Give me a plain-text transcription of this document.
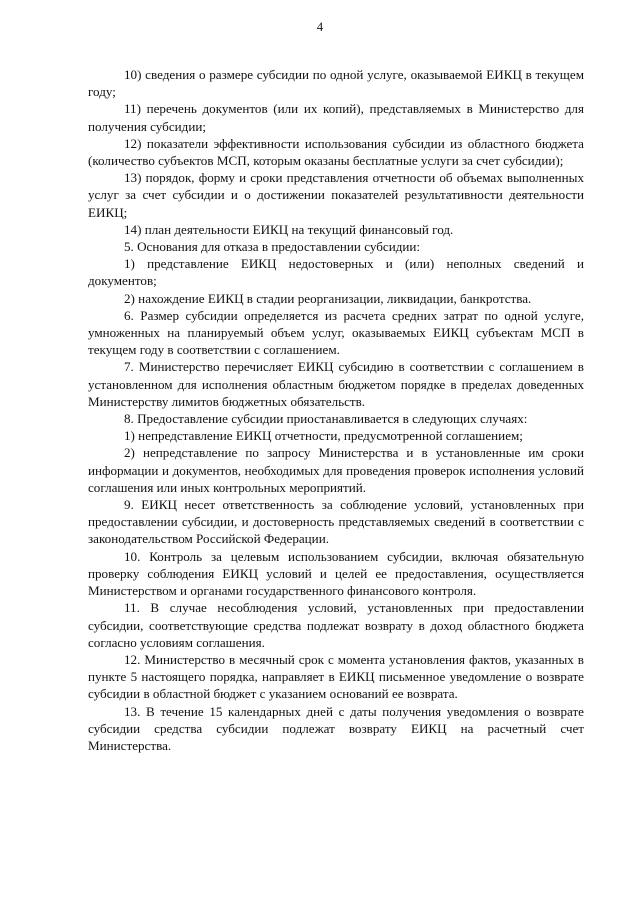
4

10) сведения о размере субсидии по одной услуге, оказываемой ЕИКЦ в текущем году;

11) перечень документов (или их копий), представляемых в Министерство для получения субсидии;

12) показатели эффективности использования субсидии из областного бюджета (количество субъектов МСП, которым оказаны бесплатные услуги за счет субсидии);

13) порядок, форму и сроки представления отчетности об объемах выполненных услуг за счет субсидии и о достижении показателей результативности деятельности ЕИКЦ;

14) план деятельности ЕИКЦ на текущий финансовый год.

5. Основания для отказа в предоставлении субсидии:

1) представление ЕИКЦ недостоверных и (или) неполных сведений и документов;

2) нахождение ЕИКЦ в стадии реорганизации, ликвидации, банкротства.

6. Размер субсидии определяется из расчета средних затрат по одной услуге, умноженных на планируемый объем услуг, оказываемых ЕИКЦ субъектам МСП в текущем году в соответствии с соглашением.

7. Министерство перечисляет ЕИКЦ субсидию в соответствии с соглашением в установленном для исполнения областным бюджетом порядке в пределах доведенных Министерству лимитов бюджетных обязательств.

8. Предоставление субсидии приостанавливается в следующих случаях:

1) непредставление ЕИКЦ отчетности, предусмотренной соглашением;

2) непредставление по запросу Министерства и в установленные им сроки информации и документов, необходимых для проведения проверок исполнения условий соглашения или иных контрольных мероприятий.

9. ЕИКЦ несет ответственность за соблюдение условий, установленных при предоставлении субсидии, и достоверность представляемых сведений в соответствии с законодательством Российской Федерации.

10. Контроль за целевым использованием субсидии, включая обязательную проверку соблюдения ЕИКЦ условий и целей ее предоставления, осуществляется Министерством и органами государственного финансового контроля.

11. В случае несоблюдения условий, установленных при предоставлении субсидии, соответствующие средства подлежат возврату в доход областного бюджета согласно условиям соглашения.

12. Министерство в месячный срок с момента установления фактов, указанных в пункте 5 настоящего порядка, направляет в ЕИКЦ письменное уведомление о возврате субсидии в областной бюджет с указанием оснований ее возврата.

13. В течение 15 календарных дней с даты получения уведомления о возврате субсидии средства субсидии подлежат возврату ЕИКЦ на расчетный счет Министерства.
